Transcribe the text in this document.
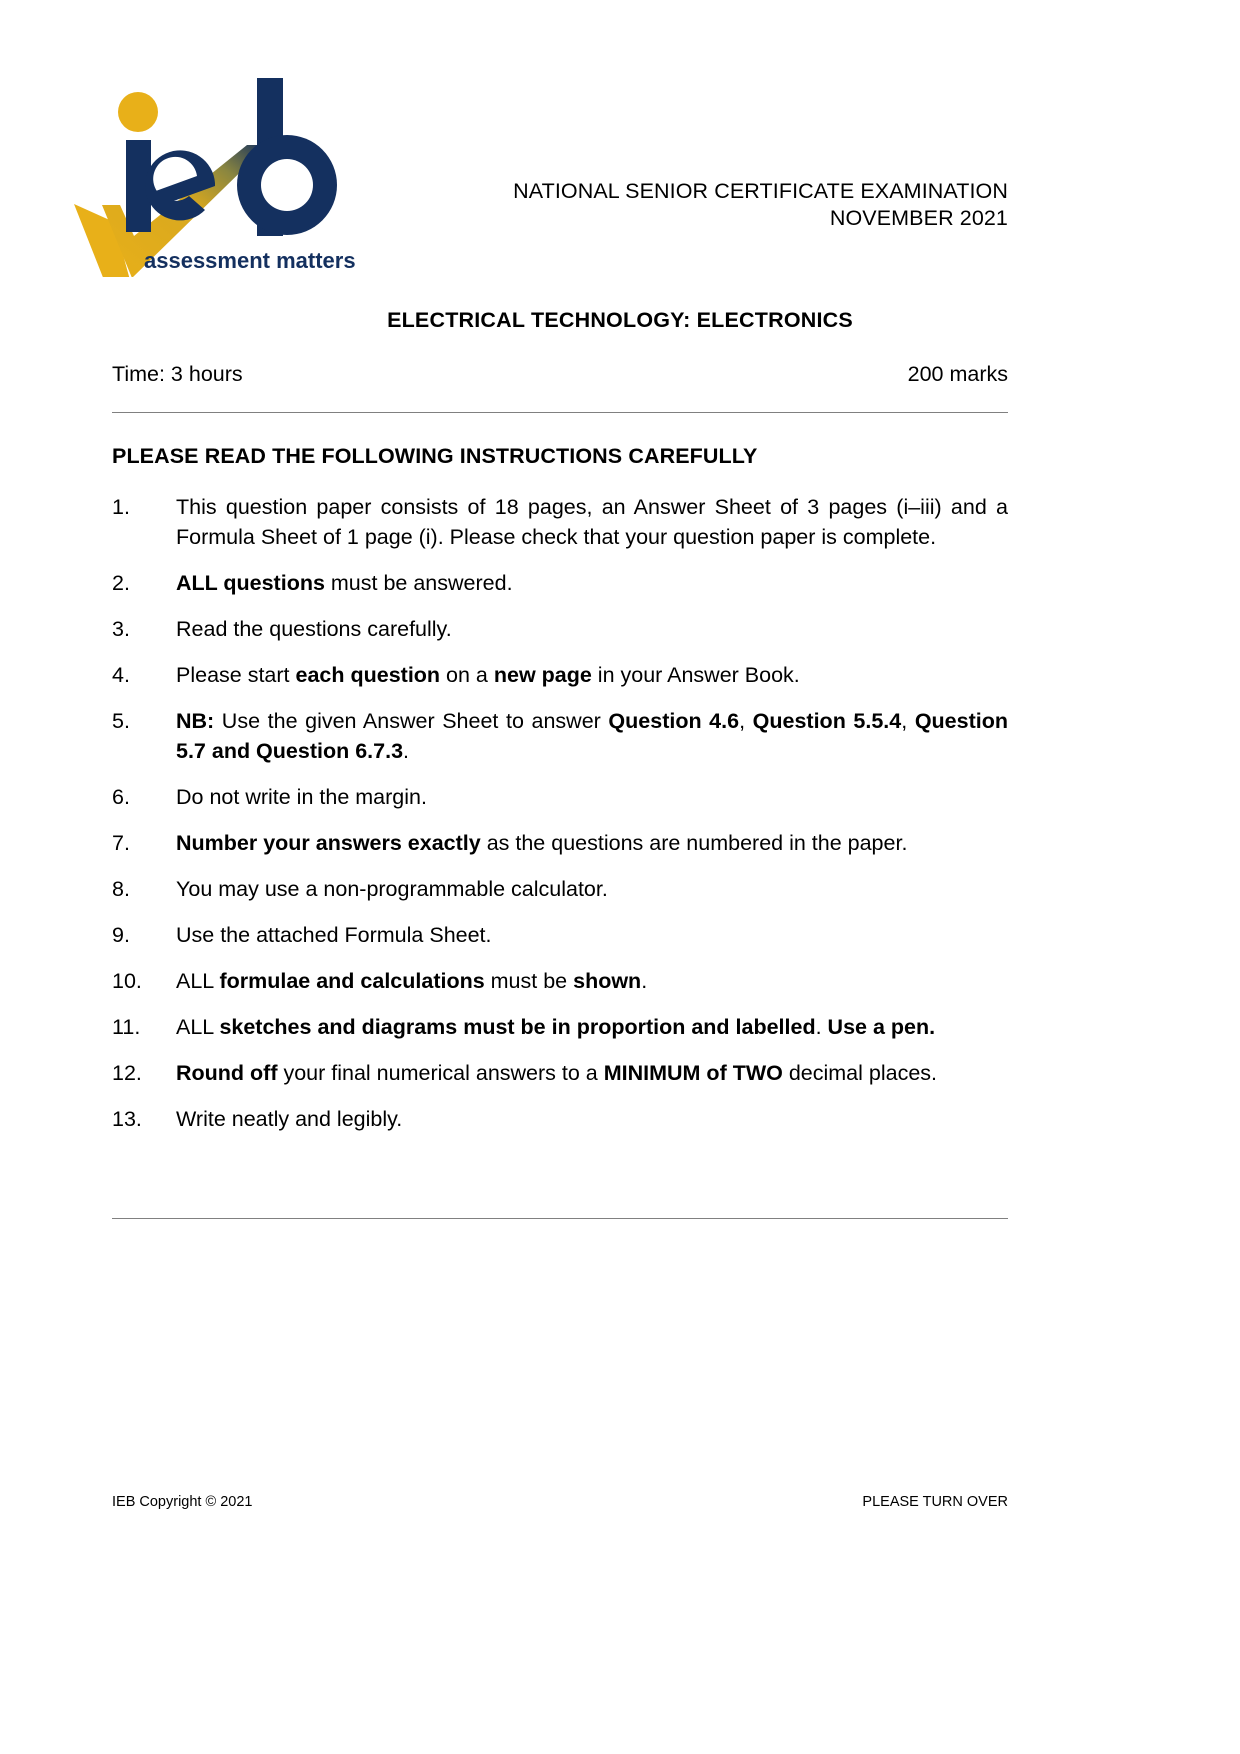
assessment matters
NATIONAL SENIOR CERTIFICATE EXAMINATION
NOVEMBER 2021
ELECTRICAL TECHNOLOGY: ELECTRONICS
Time: 3 hours	200 marks
PLEASE READ THE FOLLOWING INSTRUCTIONS CAREFULLY
1.	This question paper consists of 18 pages, an Answer Sheet of 3 pages (i–iii) and a Formula Sheet of 1 page (i). Please check that your question paper is complete.
2.	ALL questions must be answered.
3.	Read the questions carefully.
4.	Please start each question on a new page in your Answer Book.
5.	NB: Use the given Answer Sheet to answer Question 4.6, Question 5.5.4, Question 5.7 and Question 6.7.3.
6.	Do not write in the margin.
7.	Number your answers exactly as the questions are numbered in the paper.
8.	You may use a non-programmable calculator.
9.	Use the attached Formula Sheet.
10.	ALL formulae and calculations must be shown.
11.	ALL sketches and diagrams must be in proportion and labelled. Use a pen.
12.	Round off your final numerical answers to a MINIMUM of TWO decimal places.
13.	Write neatly and legibly.
IEB Copyright © 2021	PLEASE TURN OVER
